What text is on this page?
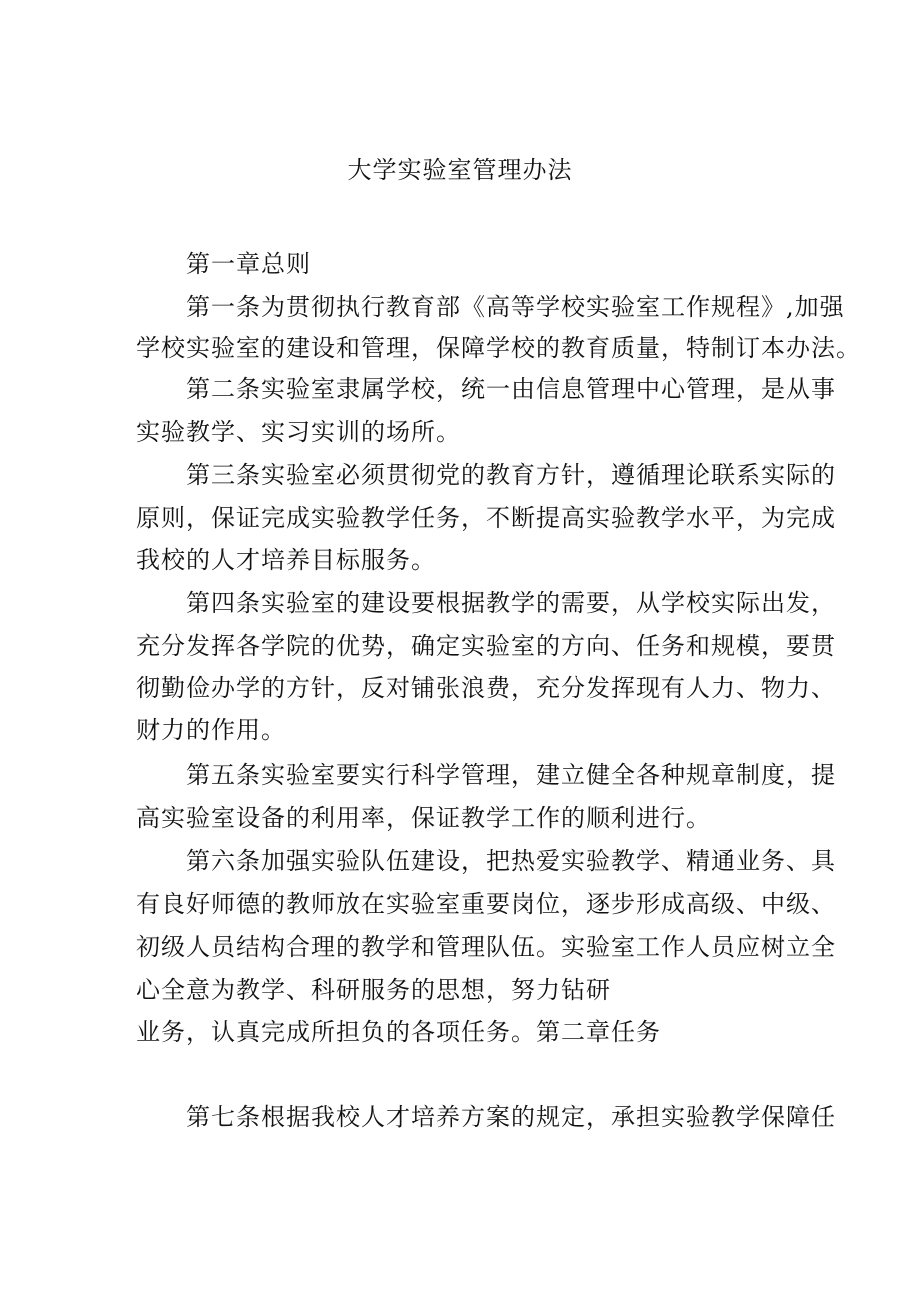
大学实验室管理办法

第一章总则

第一条为贯彻执行教育部《高等学校实验室工作规程》,加强

学校实验室的建设和管理，保障学校的教育质量，特制订本办法。

第二条实验室隶属学校，统一由信息管理中心管理，是从事

实验教学、实习实训的场所。

第三条实验室必须贯彻党的教育方针，遵循理论联系实际的

原则，保证完成实验教学任务，不断提高实验教学水平，为完成

我校的人才培养目标服务。

第四条实验室的建设要根据教学的需要，从学校实际出发，

充分发挥各学院的优势，确定实验室的方向、任务和规模，要贯

彻勤俭办学的方针，反对铺张浪费，充分发挥现有人力、物力、

财力的作用。

第五条实验室要实行科学管理，建立健全各种规章制度，提

高实验室设备的利用率，保证教学工作的顺利进行。

第六条加强实验队伍建设，把热爱实验教学、精通业务、具

有良好师德的教师放在实验室重要岗位，逐步形成高级、中级、

初级人员结构合理的教学和管理队伍。实验室工作人员应树立全

心全意为教学、科研服务的思想，努力钻研

业务，认真完成所担负的各项任务。第二章任务

第七条根据我校人才培养方案的规定，承担实验教学保障任
